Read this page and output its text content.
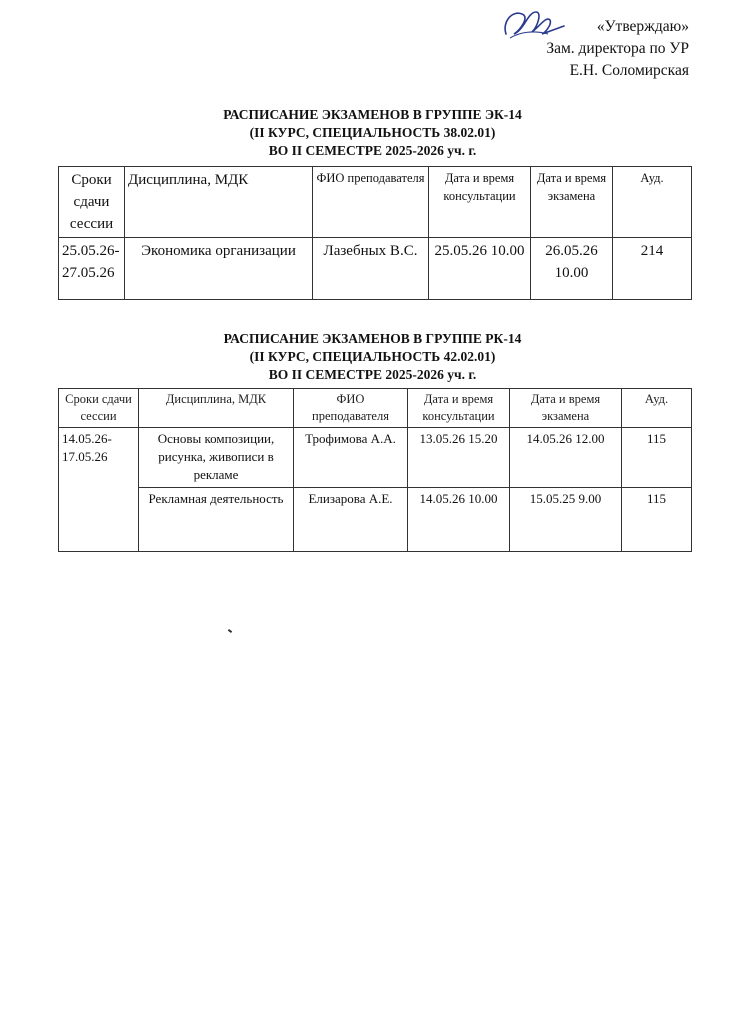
«Утверждаю»
Зам. директора по УР
Е.Н. Соломирская
РАСПИСАНИЕ ЭКЗАМЕНОВ В ГРУППЕ ЭК-14
(II КУРС, СПЕЦИАЛЬНОСТЬ 38.02.01)
ВО II СЕМЕСТРЕ 2025-2026 уч. г.
Сроки сдачи сессии	Дисциплина, МДК	ФИО преподавателя	Дата и время консультации	Дата и время экзамена	Ауд.
25.05.26-27.05.26	Экономика организации	Лазебных В.С.	25.05.26 10.00	26.05.26 10.00	214
РАСПИСАНИЕ ЭКЗАМЕНОВ В ГРУППЕ РК-14
(II КУРС, СПЕЦИАЛЬНОСТЬ 42.02.01)
ВО II СЕМЕСТРЕ 2025-2026 уч. г.
Сроки сдачи сессии	Дисциплина, МДК	ФИО преподавателя	Дата и время консультации	Дата и время экзамена	Ауд.
14.05.26-17.05.26	Основы композиции, рисунка, живописи в рекламе	Трофимова А.А.	13.05.26 15.20	14.05.26 12.00	115
	Рекламная деятельность	Елизарова А.Е.	14.05.26 10.00	15.05.25 9.00	115
